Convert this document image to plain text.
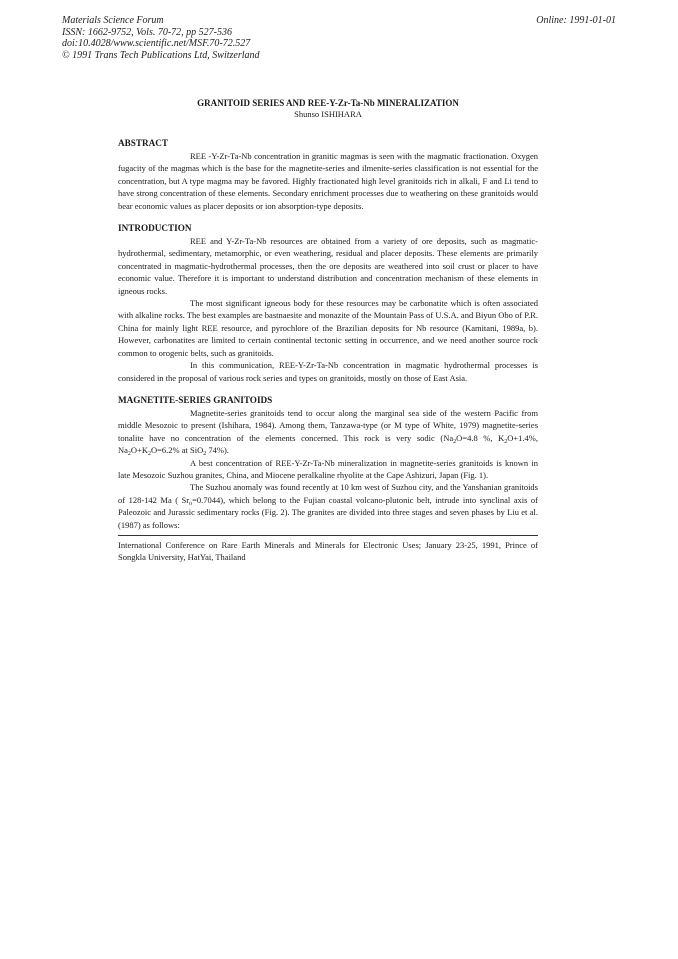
Materials Science Forum
ISSN: 1662-9752, Vols. 70-72, pp 527-536
doi:10.4028/www.scientific.net/MSF.70-72.527
© 1991 Trans Tech Publications Ltd, Switzerland
Online: 1991-01-01

GRANITOID SERIES AND REE-Y-Zr-Ta-Nb MINERALIZATION

Shunso ISHIHARA

ABSTRACT

REE -Y-Zr-Ta-Nb concentration in granitic magmas is seen with the magmatic fractionation. Oxygen fugacity of the magmas which is the base for the magnetite-series and ilmenite-series classification is not essential for the concentration, but A type magma may be favored. Highly fractionated high level granitoids rich in alkali, F and Li tend to have strong concentration of these elements. Secondary enrichment processes due to weathering on these granitoids would bear economic values as placer deposits or ion absorption-type deposits.

INTRODUCTION

REE and Y-Zr-Ta-Nb resources are obtained from a variety of ore deposits, such as magmatic-hydrothermal, sedimentary, metamorphic, or even weathering, residual and placer deposits. These elements are primarily concentrated in magmatic-hydrothermal processes, then the ore deposits are weathered into soil crust or placer to have economic value. Therefore it is important to understand distribution and concentration mechanism of these elements in igneous rocks.

The most significant igneous body for these resources may be carbonatite which is often associated with alkaline rocks. The best examples are bastnaesite and monazite of the Mountain Pass of U.S.A. and Biyun Obo of P.R. China for mainly light REE resource, and pyrochlore of the Brazilian deposits for Nb resource (Kamitani, 1989a, b). However, carbonatites are limited to certain continental tectonic setting in occurrence, and we need another source rock common to orogenic belts, such as granitoids.

In this communication, REE-Y-Zr-Ta-Nb concentration in magmatic hydrothermal processes is considered in the proposal of various rock series and types on granitoids, mostly on those of East Asia.

MAGNETITE-SERIES GRANITOIDS

Magnetite-series granitoids tend to occur along the marginal sea side of the western Pacific from middle Mesozoic to present (Ishihara, 1984). Among them, Tanzawa-type (or M type of White, 1979) magnetite-series tonalite have no concentration of the elements concerned. This rock is very sodic ($Na_2O=4.8$ %, $K_2O+1.4\%$, $Na_2O+K_2O=6.2\%$ at SiO$_2$ 74%).

A best concentration of REE-Y-Zr-Ta-Nb mineralization in magnetite-series granitoids is known in late Mesozoic Suzhou granites, China, and Miocene peralkaline rhyolite at the Cape Ashizuri, Japan (Fig. 1).

The Suzhou anomaly was found recently at 10 km west of Suzhou city, and the Yanshanian granitoids of 128-142 Ma ( $Sr_o=0.7044$), which belong to the Fujian coastal volcano-plutonic belt, intrude into synclinal axis of Paleozoic and Jurassic sedimentary rocks (Fig. 2). The granites are divided into three stages and seven phases by Liu et al. (1987) as follows:

International Conference on Rare Earth Minerals and Minerals for Electronic Uses; January 23-25, 1991, Prince of Songkla University, HatYai, Thailand
